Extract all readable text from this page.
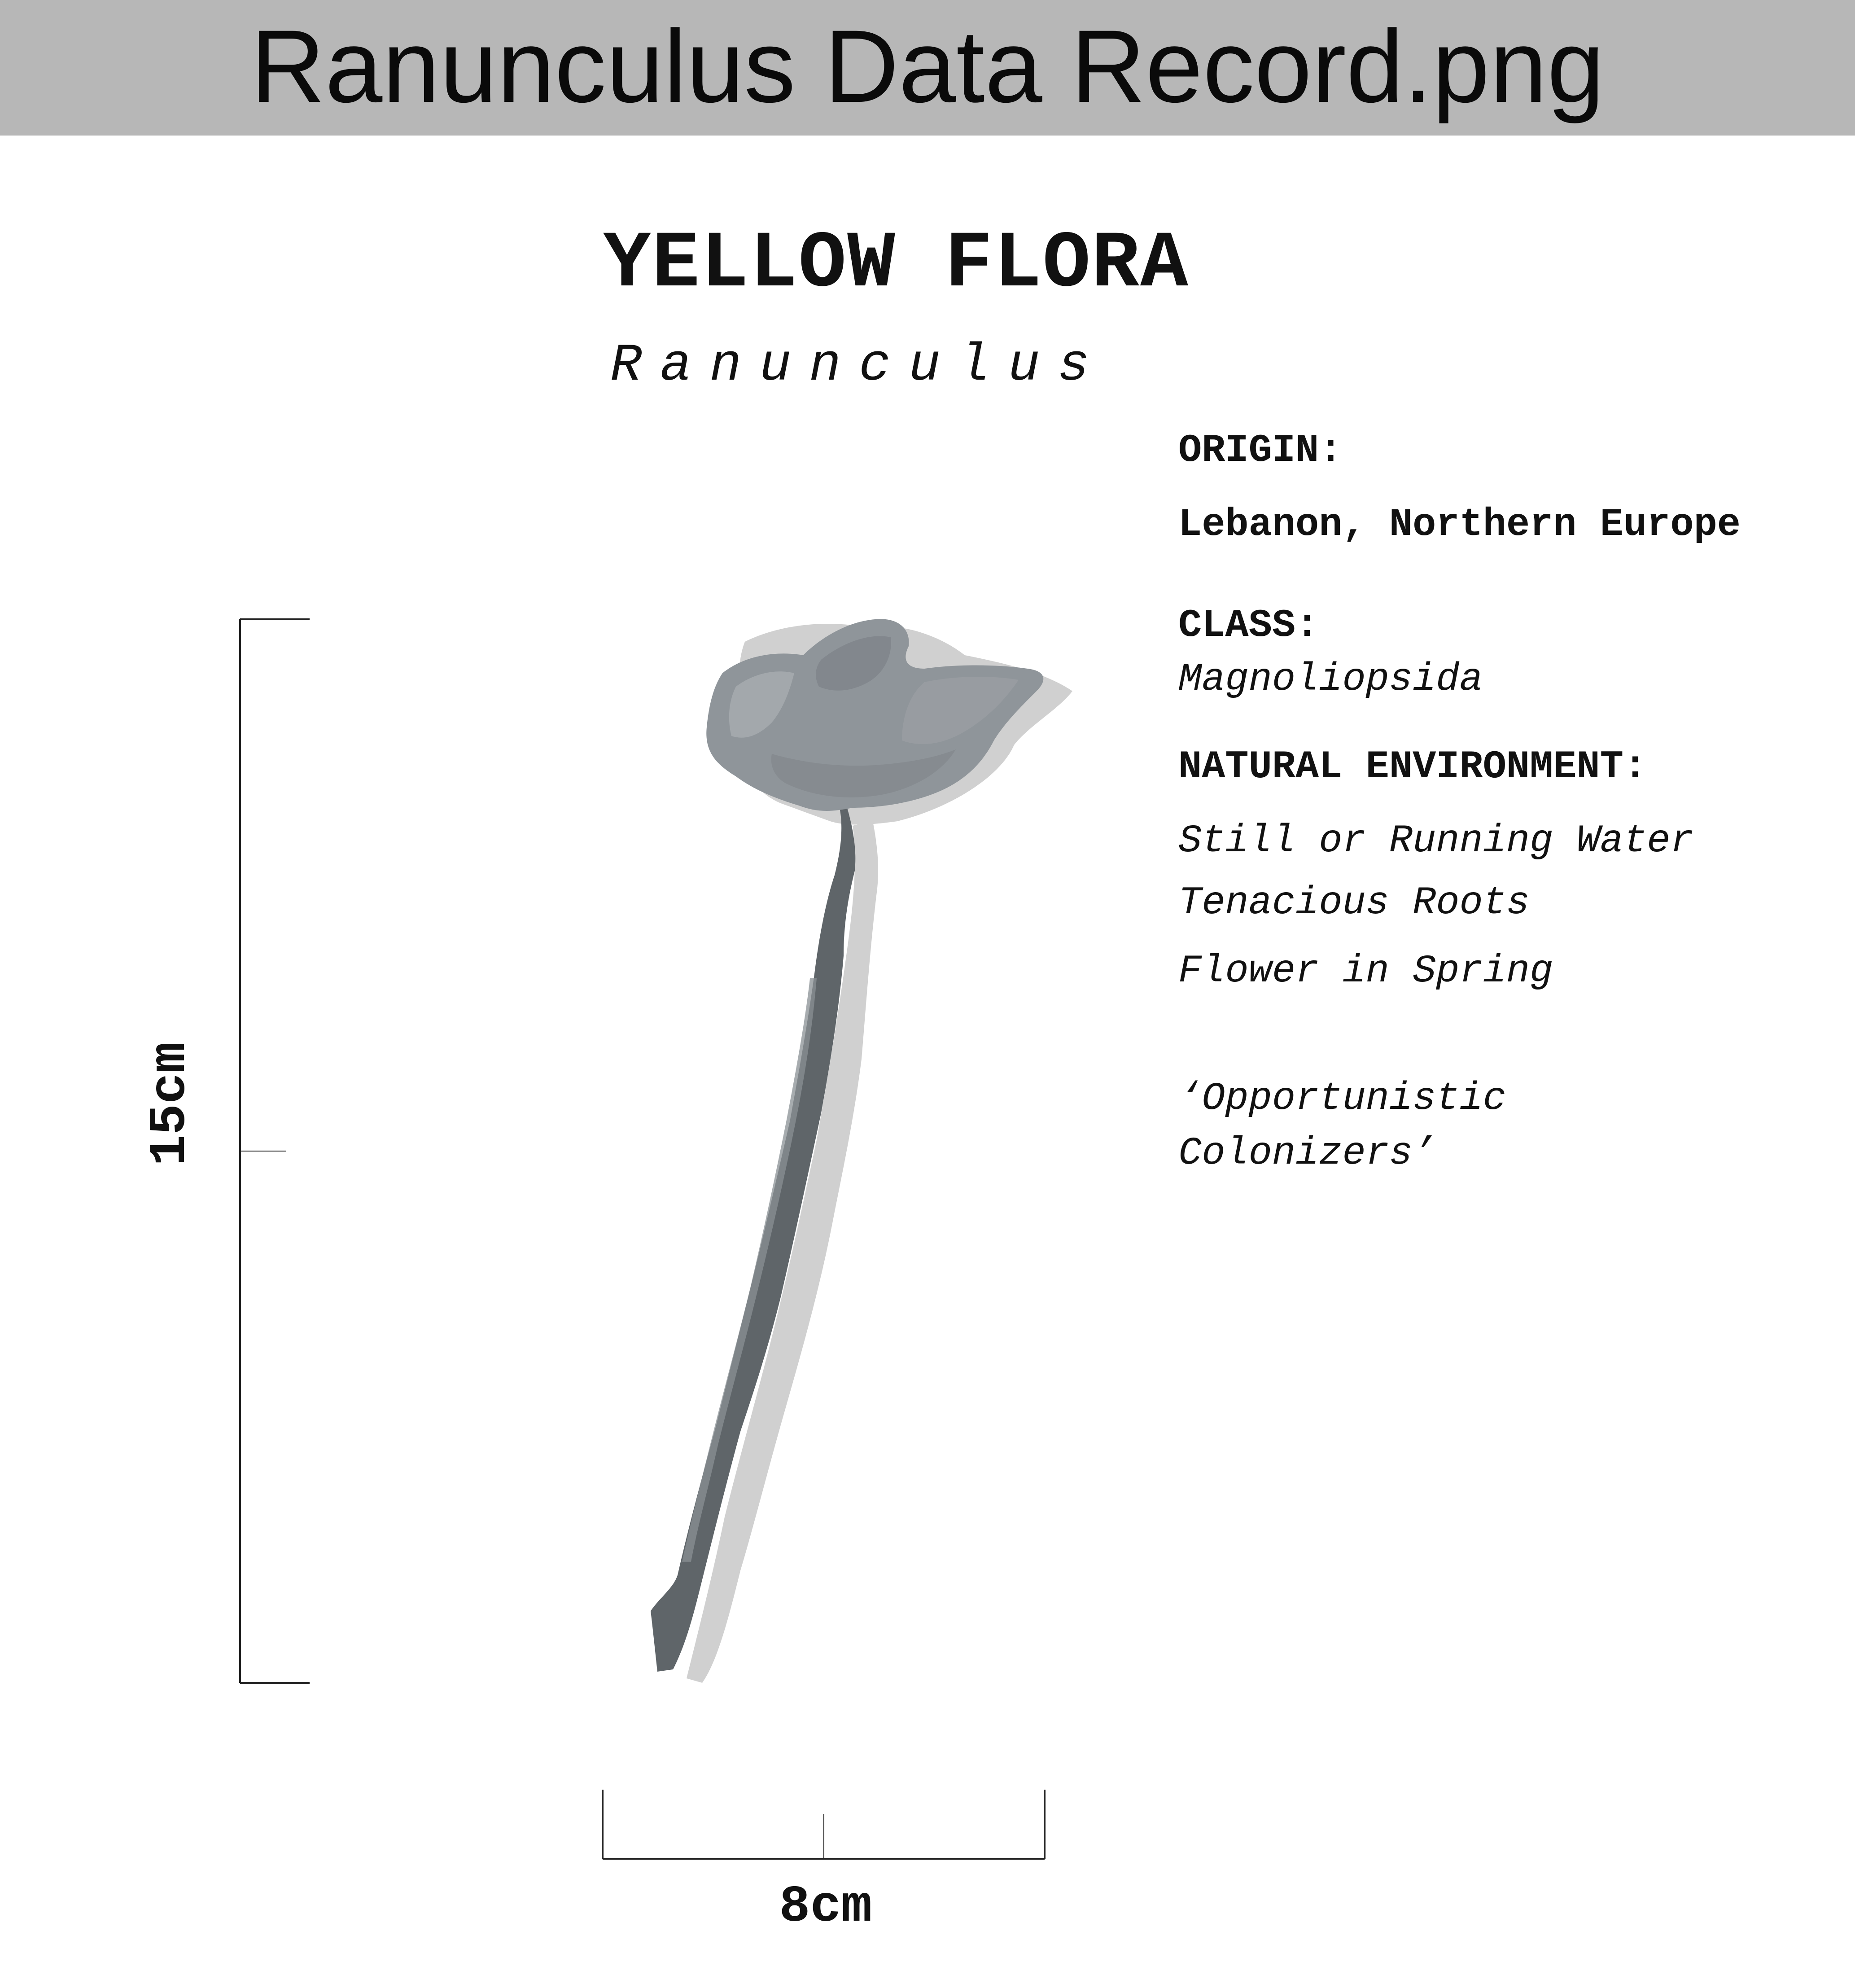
Ranunculus Data Record.png
YELLOW FLORA
Ranunculus
ORIGIN:
Lebanon, Northern Europe
CLASS:
Magnoliopsida
NATURAL ENVIRONMENT:
Still or Running Water
Tenacious Roots
Flower in Spring
‘Opportunistic
Colonizers’
15cm
8cm
